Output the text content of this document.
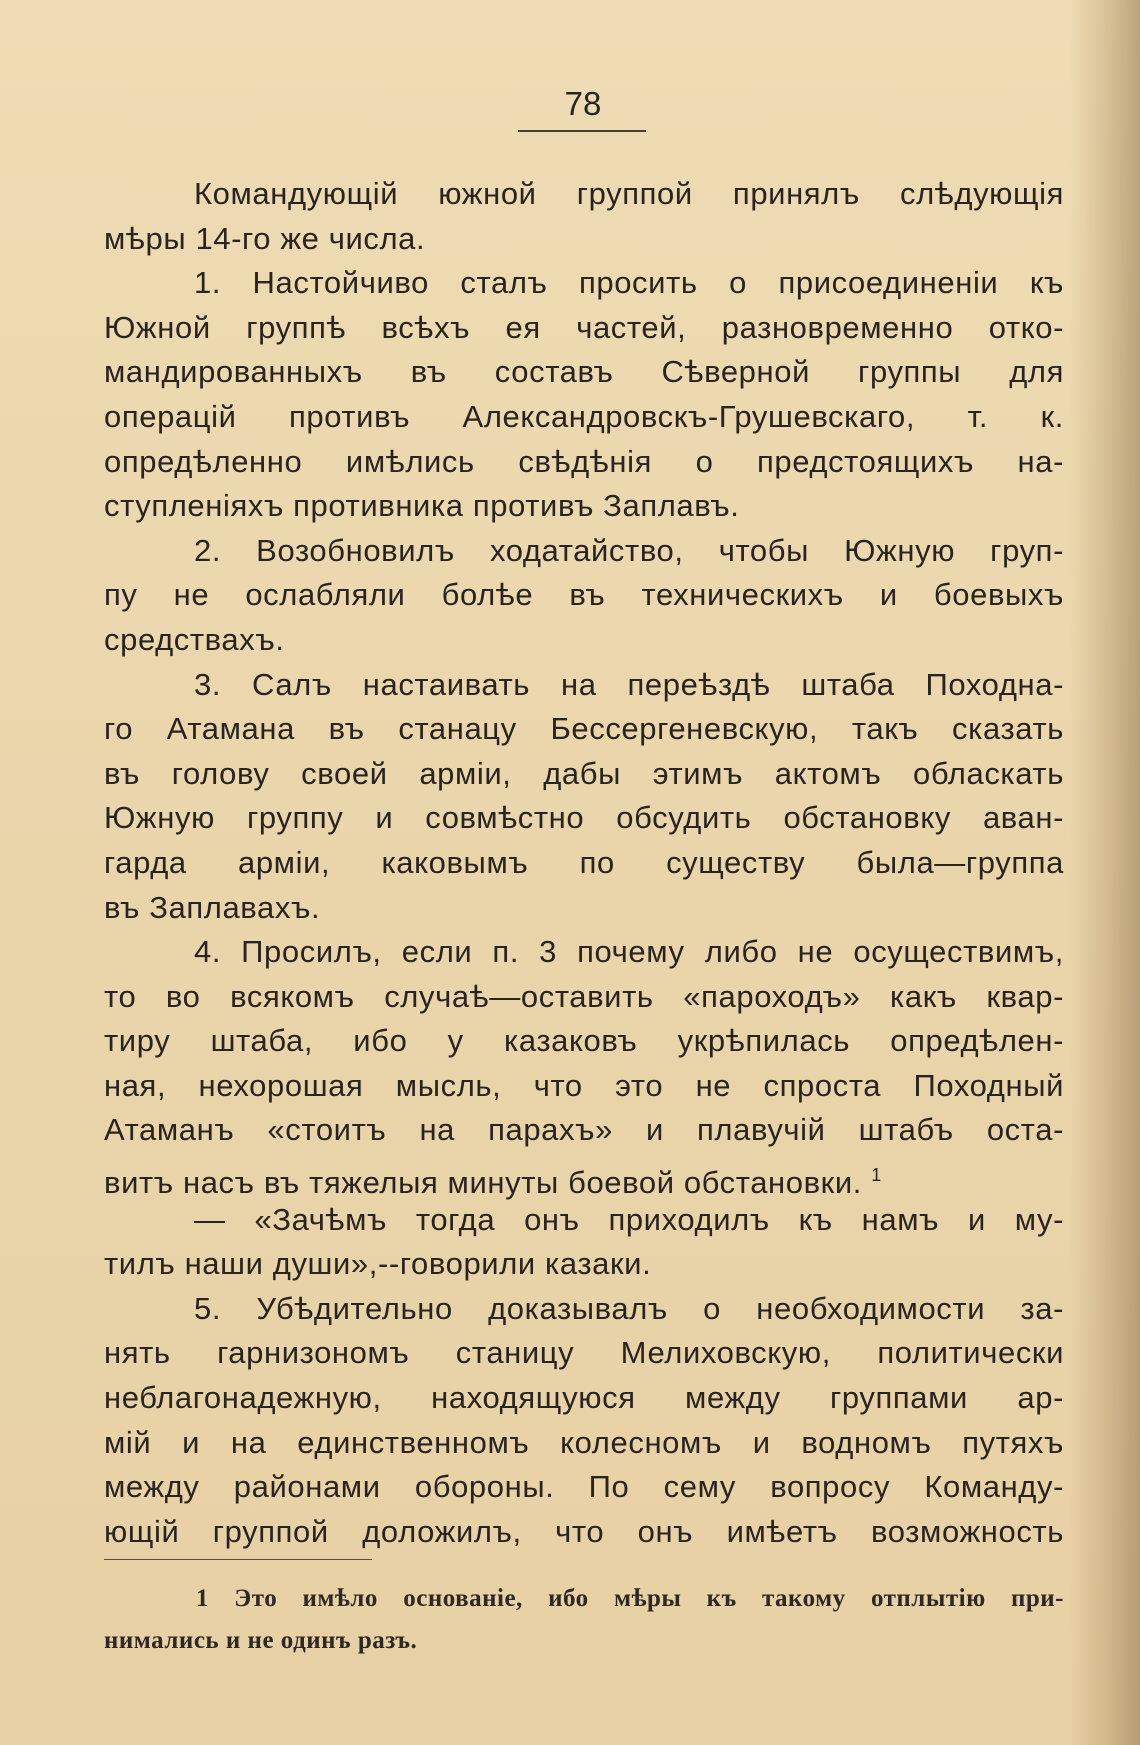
78
Командующій южной группой принялъ слѣдующія
мѣры 14-го же числа.
1. Настойчиво сталъ просить о присоединеніи къ
Южной группѣ всѣхъ ея частей, разновременно отко-
мандированныхъ въ составъ Сѣверной группы для
операцій противъ Александровскъ-Грушевскаго, т. к.
опредѣленно имѣлись свѣдѣнія о предстоящихъ на-
ступленіяхъ противника противъ Заплавъ.
2. Возобновилъ ходатайство, чтобы Южную груп-
пу не ослабляли болѣе въ техническихъ и боевыхъ
средствахъ.
3. Салъ настаивать на переѣздѣ штаба Походна-
го Атамана въ станацу Бессергеневскую, такъ сказать
въ голову своей арміи, дабы этимъ актомъ обласкать
Южную группу и совмѣстно обсудить обстановку аван-
гарда арміи, каковымъ по существу была—группа
въ Заплавахъ.
4. Просилъ, если п. 3 почему либо не осуществимъ,
то во всякомъ случаѣ—оставить «пароходъ» какъ квар-
тиру штаба, ибо у казаковъ укрѣпилась опредѣлен-
ная, нехорошая мысль, что это не спроста Походный
Атаманъ «стоитъ на парахъ» и плавучій штабъ оста-
витъ насъ въ тяжелыя минуты боевой обстановки. $^1$
— «Зачѣмъ тогда онъ приходилъ къ намъ и му-
тилъ наши души»,--говорили казаки.
5. Убѣдительно доказывалъ о необходимости за-
нять гарнизономъ станицу Мелиховскую, политически
неблагонадежную, находящуюся между группами ар-
мій и на единственномъ колесномъ и водномъ путяхъ
между районами обороны. По сему вопросу Команду-
ющій группой доложилъ, что онъ имѣетъ возможность
1 Это имѣло основаніе, ибо мѣры къ такому отплытію при-
нимались и не одинъ разъ.
